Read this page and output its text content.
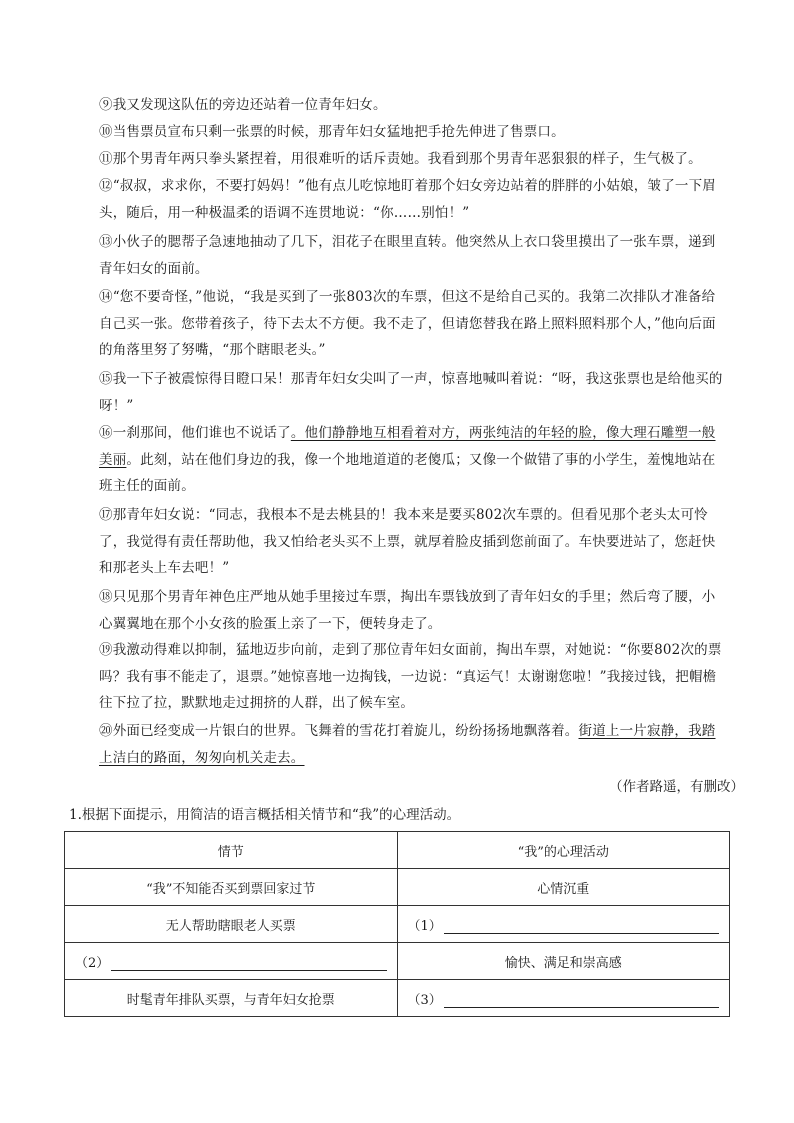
⑨我又发现这队伍的旁边还站着一位青年妇女。

⑩当售票员宣布只剩一张票的时候，那青年妇女猛地把手抢先伸进了售票口。

⑪那个男青年两只拳头紧捏着，用很难听的话斥责她。我看到那个男青年恶狠狠的样子，生气极了。

⑫“叔叔，求求你，不要打妈妈！”他有点儿吃惊地盯着那个妇女旁边站着的胖胖的小姑娘，皱了一下眉头，随后，用一种极温柔的语调不连贯地说：“你……别怕！”

⑬小伙子的腮帮子急速地抽动了几下，泪花子在眼里直转。他突然从上衣口袋里摸出了一张车票，递到青年妇女的面前。

⑭“您不要奇怪，”他说，“我是买到了一张803次的车票，但这不是给自己买的。我第二次排队才准备给自己买一张。您带着孩子，待下去太不方便。我不走了，但请您替我在路上照料照料那个人，”他向后面的角落里努了努嘴，“那个瞎眼老头。”

⑮我一下子被震惊得目瞪口呆！那青年妇女尖叫了一声，惊喜地喊叫着说：“呀，我这张票也是给他买的呀！”

⑯一刹那间，他们谁也不说话了。他们静静地互相看着对方，两张纯洁的年轻的脸，像大理石雕塑一般美丽。此刻，站在他们身边的我，像一个地地道道的老傻瓜；又像一个做错了事的小学生，羞愧地站在班主任的面前。

⑰那青年妇女说：“同志，我根本不是去桃县的！我本来是要买802次车票的。但看见那个老头太可怜了，我觉得有责任帮助他，我又怕给老头买不上票，就厚着脸皮插到您前面了。车快要进站了，您赶快和那老头上车去吧！”

⑱只见那个男青年神色庄严地从她手里接过车票，掏出车票钱放到了青年妇女的手里；然后弯了腰，小心翼翼地在那个小女孩的脸蛋上亲了一下，便转身走了。

⑲我激动得难以抑制，猛地迈步向前，走到了那位青年妇女面前，掏出车票，对她说：“你要802次的票吗？我有事不能走了，退票。”她惊喜地一边掏钱，一边说：“真运气！太谢谢您啦！”我接过钱，把帽檐往下拉了拉，默默地走过拥挤的人群，出了候车室。

⑳外面已经变成一片银白的世界。飞舞着的雪花打着旋儿，纷纷扬扬地飘落着。街道上一片寂静，我踏上洁白的路面，匆匆向机关走去。

（作者路遥，有删改）
1.根据下面提示，用简洁的语言概括相关情节和“我”的心理活动。
情节	“我”的心理活动
“我”不知能否买到票回家过节	心情沉重
无人帮助瞎眼老人买票	（1）

（2）	愉快、满足和崇高感
时髦青年排队买票，与青年妇女抢票	（3）
